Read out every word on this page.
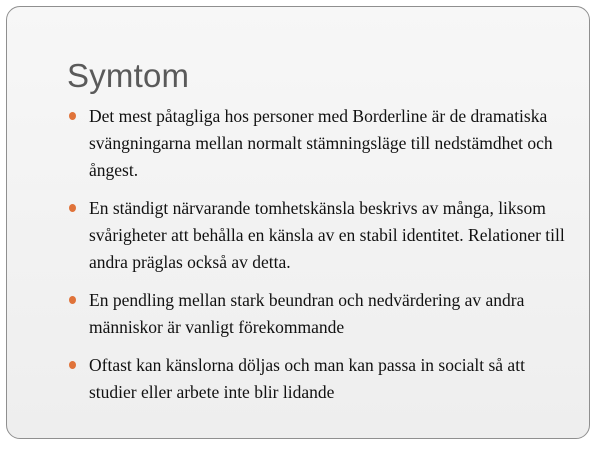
Symtom
Det mest påtagliga hos personer med Borderline är de dramatiska svängningarna mellan normalt stämningsläge till nedstämdhet och ångest.
En ständigt närvarande tomhetskänsla beskrivs av många, liksom svårigheter att behålla en känsla av en stabil identitet. Relationer till andra präglas också av detta.
En pendling mellan stark beundran och nedvärdering av andra människor är vanligt förekommande
Oftast kan känslorna döljas och man kan passa in socialt så att studier eller arbete inte blir lidande
